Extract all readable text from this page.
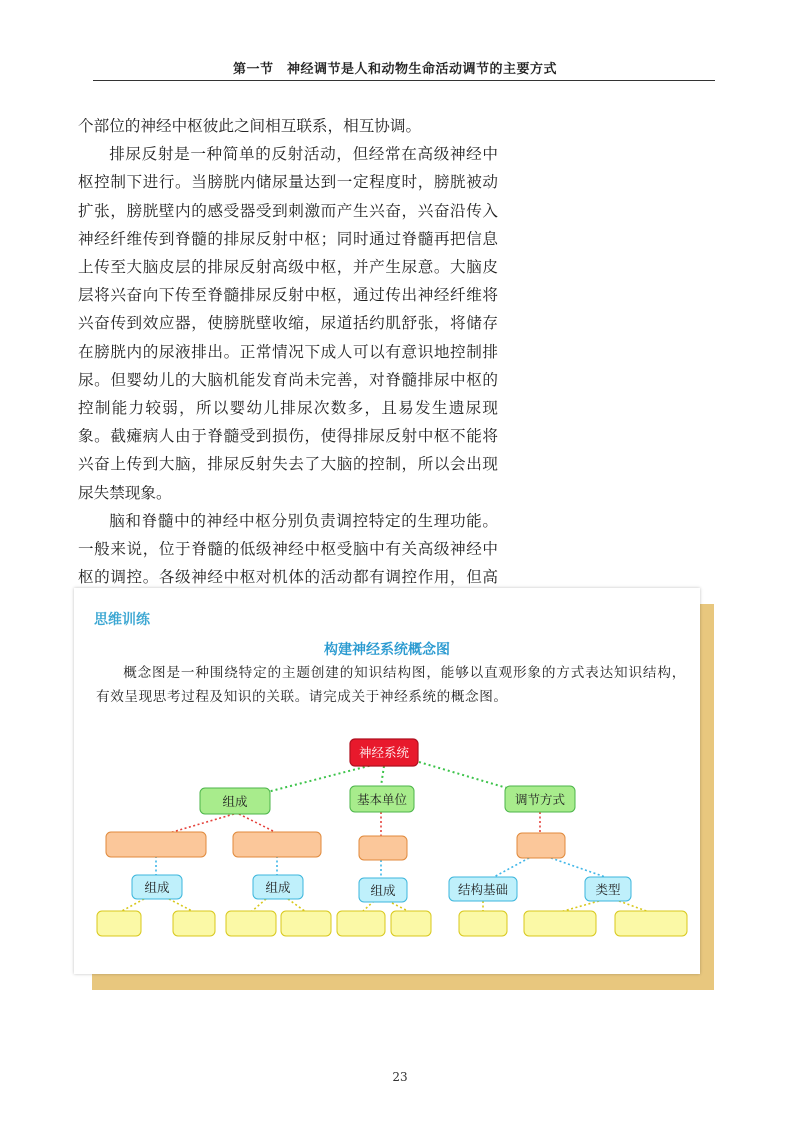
第一节　神经调节是人和动物生命活动调节的主要方式

个部位的神经中枢彼此之间相互联系，相互协调。

排尿反射是一种简单的反射活动，但经常在高级神经中枢控制下进行。当膀胱内储尿量达到一定程度时，膀胱被动扩张，膀胱壁内的感受器受到刺激而产生兴奋，兴奋沿传入神经纤维传到脊髓的排尿反射中枢；同时通过脊髓再把信息上传至大脑皮层的排尿反射高级中枢，并产生尿意。大脑皮层将兴奋向下传至脊髓排尿反射中枢，通过传出神经纤维将兴奋传到效应器，使膀胱壁收缩，尿道括约肌舒张，将储存在膀胱内的尿液排出。正常情况下成人可以有意识地控制排尿。但婴幼儿的大脑机能发育尚未完善，对脊髓排尿中枢的控制能力较弱，所以婴幼儿排尿次数多，且易发生遗尿现象。截瘫病人由于脊髓受到损伤，使得排尿反射中枢不能将兴奋上传到大脑，排尿反射失去了大脑的控制，所以会出现尿失禁现象。

脑和脊髓中的神经中枢分别负责调控特定的生理功能。一般来说，位于脊髓的低级神经中枢受脑中有关高级神经中枢的调控。各级神经中枢对机体的活动都有调控作用，但高

思维训练
构建神经系统概念图

概念图是一种围绕特定的主题创建的知识结构图，能够以直观形象的方式表达知识结构，有效呈现思考过程及知识的关联。请完成关于神经系统的概念图。

神经系统
组成	基本单位	调节方式
组成	组成	组成	结构基础	类型
23
